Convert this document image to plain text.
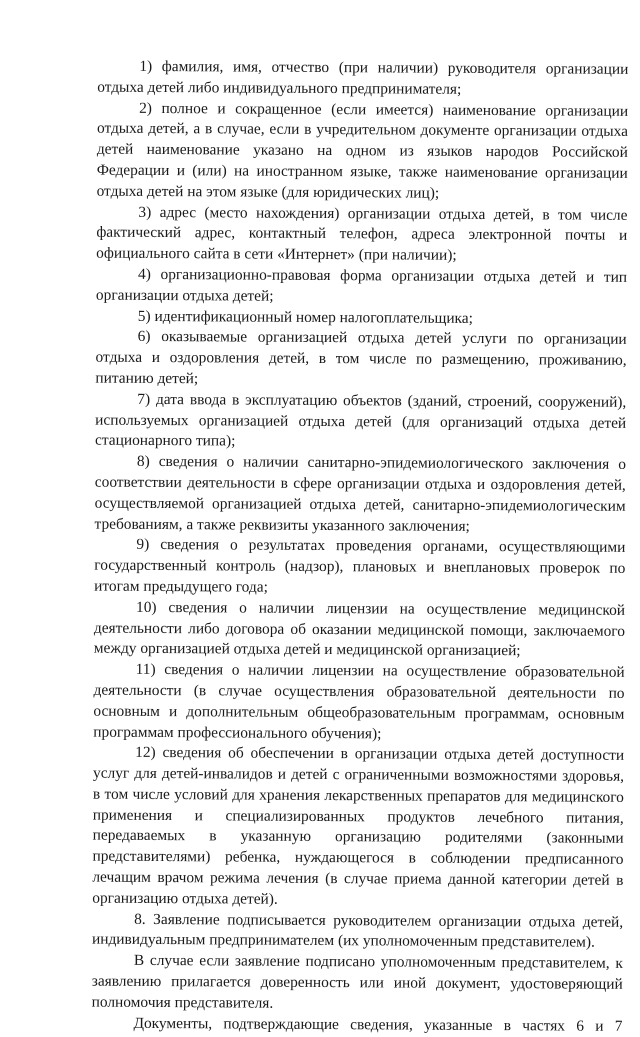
1) фамилия, имя, отчество (при наличии) руководителя организации отдыха детей либо индивидуального предпринимателя;

2) полное и сокращенное (если имеется) наименование организации отдыха детей, а в случае, если в учредительном документе организации отдыха детей наименование указано на одном из языков народов Российской Федерации и (или) на иностранном языке, также наименование организации отдыха детей на этом языке (для юридических лиц);

3) адрес (место нахождения) организации отдыха детей, в том числе фактический адрес, контактный телефон, адреса электронной почты и официального сайта в сети «Интернет» (при наличии);

4) организационно-правовая форма организации отдыха детей и тип организации отдыха детей;

5) идентификационный номер налогоплательщика;

6) оказываемые организацией отдыха детей услуги по организации отдыха и оздоровления детей, в том числе по размещению, проживанию, питанию детей;

7) дата ввода в эксплуатацию объектов (зданий, строений, сооружений), используемых организацией отдыха детей (для организаций отдыха детей стационарного типа);

8) сведения о наличии санитарно-эпидемиологического заключения о соответствии деятельности в сфере организации отдыха и оздоровления детей, осуществляемой организацией отдыха детей, санитарно-эпидемиологическим требованиям, а также реквизиты указанного заключения;

9) сведения о результатах проведения органами, осуществляющими государственный контроль (надзор), плановых и внеплановых проверок по итогам предыдущего года;

10) сведения о наличии лицензии на осуществление медицинской деятельности либо договора об оказании медицинской помощи, заключаемого между организацией отдыха детей и медицинской организацией;

11) сведения о наличии лицензии на осуществление образовательной деятельности (в случае осуществления образовательной деятельности по основным и дополнительным общеобразовательным программам, основным программам профессионального обучения);

12) сведения об обеспечении в организации отдыха детей доступности услуг для детей-инвалидов и детей с ограниченными возможностями здоровья, в том числе условий для хранения лекарственных препаратов для медицинского применения и специализированных продуктов лечебного питания, передаваемых в указанную организацию родителями (законными представителями) ребенка, нуждающегося в соблюдении предписанного лечащим врачом режима лечения (в случае приема данной категории детей в организацию отдыха детей).

8. Заявление подписывается руководителем организации отдыха детей, индивидуальным предпринимателем (их уполномоченным представителем).

В случае если заявление подписано уполномоченным представителем, к заявлению прилагается доверенность или иной документ, удостоверяющий полномочия представителя.

Документы, подтверждающие сведения, указанные в частях 6 и 7
